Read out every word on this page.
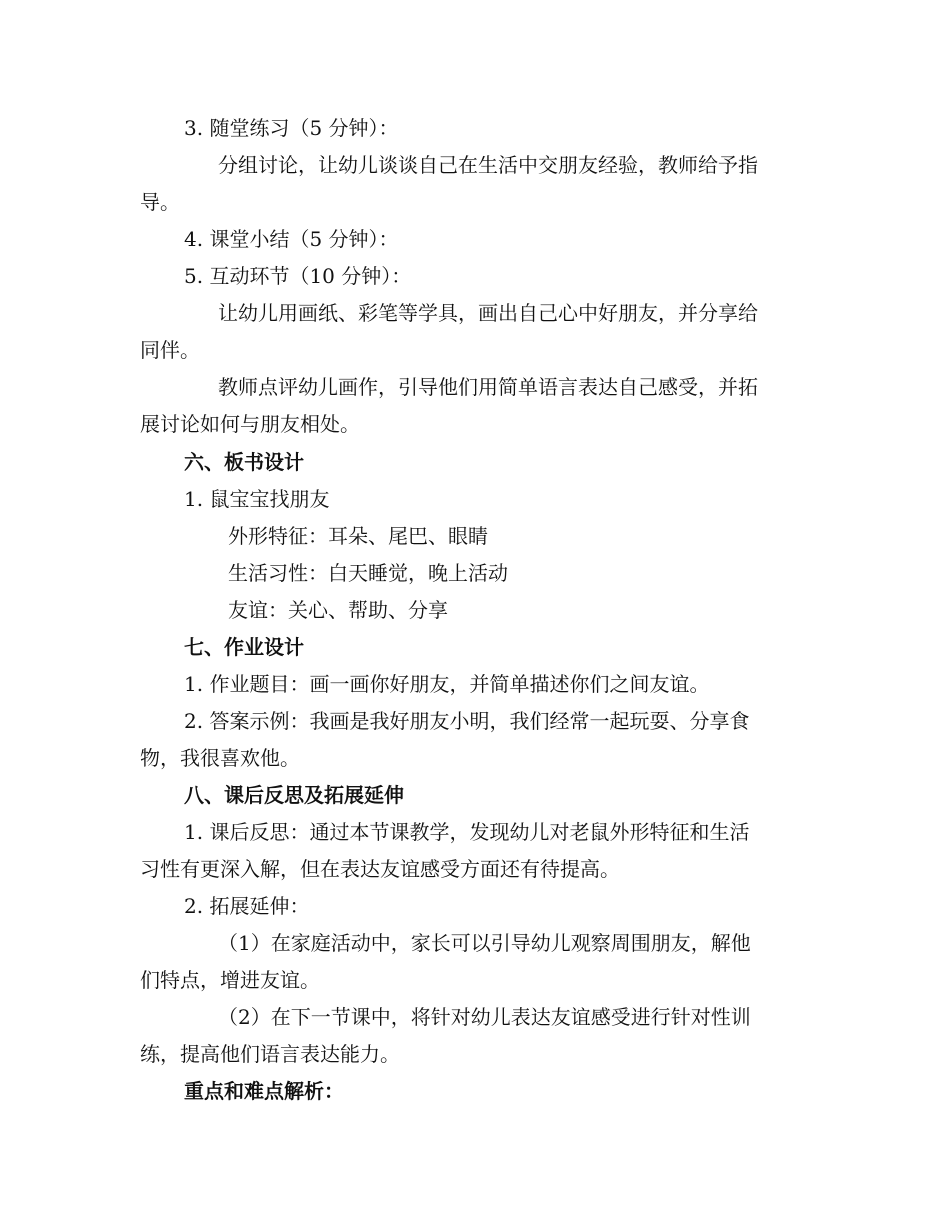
3. 随堂练习（5 分钟）：
分组讨论，让幼儿谈谈自己在生活中交朋友经验，教师给予指
导。
4. 课堂小结（5 分钟）：
5. 互动环节（10 分钟）：
让幼儿用画纸、彩笔等学具，画出自己心中好朋友，并分享给
同伴。
教师点评幼儿画作，引导他们用简单语言表达自己感受，并拓
展讨论如何与朋友相处。
六、板书设计
1. 鼠宝宝找朋友
外形特征：耳朵、尾巴、眼睛
生活习性：白天睡觉，晚上活动
友谊：关心、帮助、分享
七、作业设计
1. 作业题目：画一画你好朋友，并简单描述你们之间友谊。
2. 答案示例：我画是我好朋友小明，我们经常一起玩耍、分享食
物，我很喜欢他。
八、课后反思及拓展延伸
1. 课后反思：通过本节课教学，发现幼儿对老鼠外形特征和生活
习性有更深入解，但在表达友谊感受方面还有待提高。
2. 拓展延伸：
（1）在家庭活动中，家长可以引导幼儿观察周围朋友，解他
们特点，增进友谊。
（2）在下一节课中，将针对幼儿表达友谊感受进行针对性训
练，提高他们语言表达能力。
重点和难点解析：
